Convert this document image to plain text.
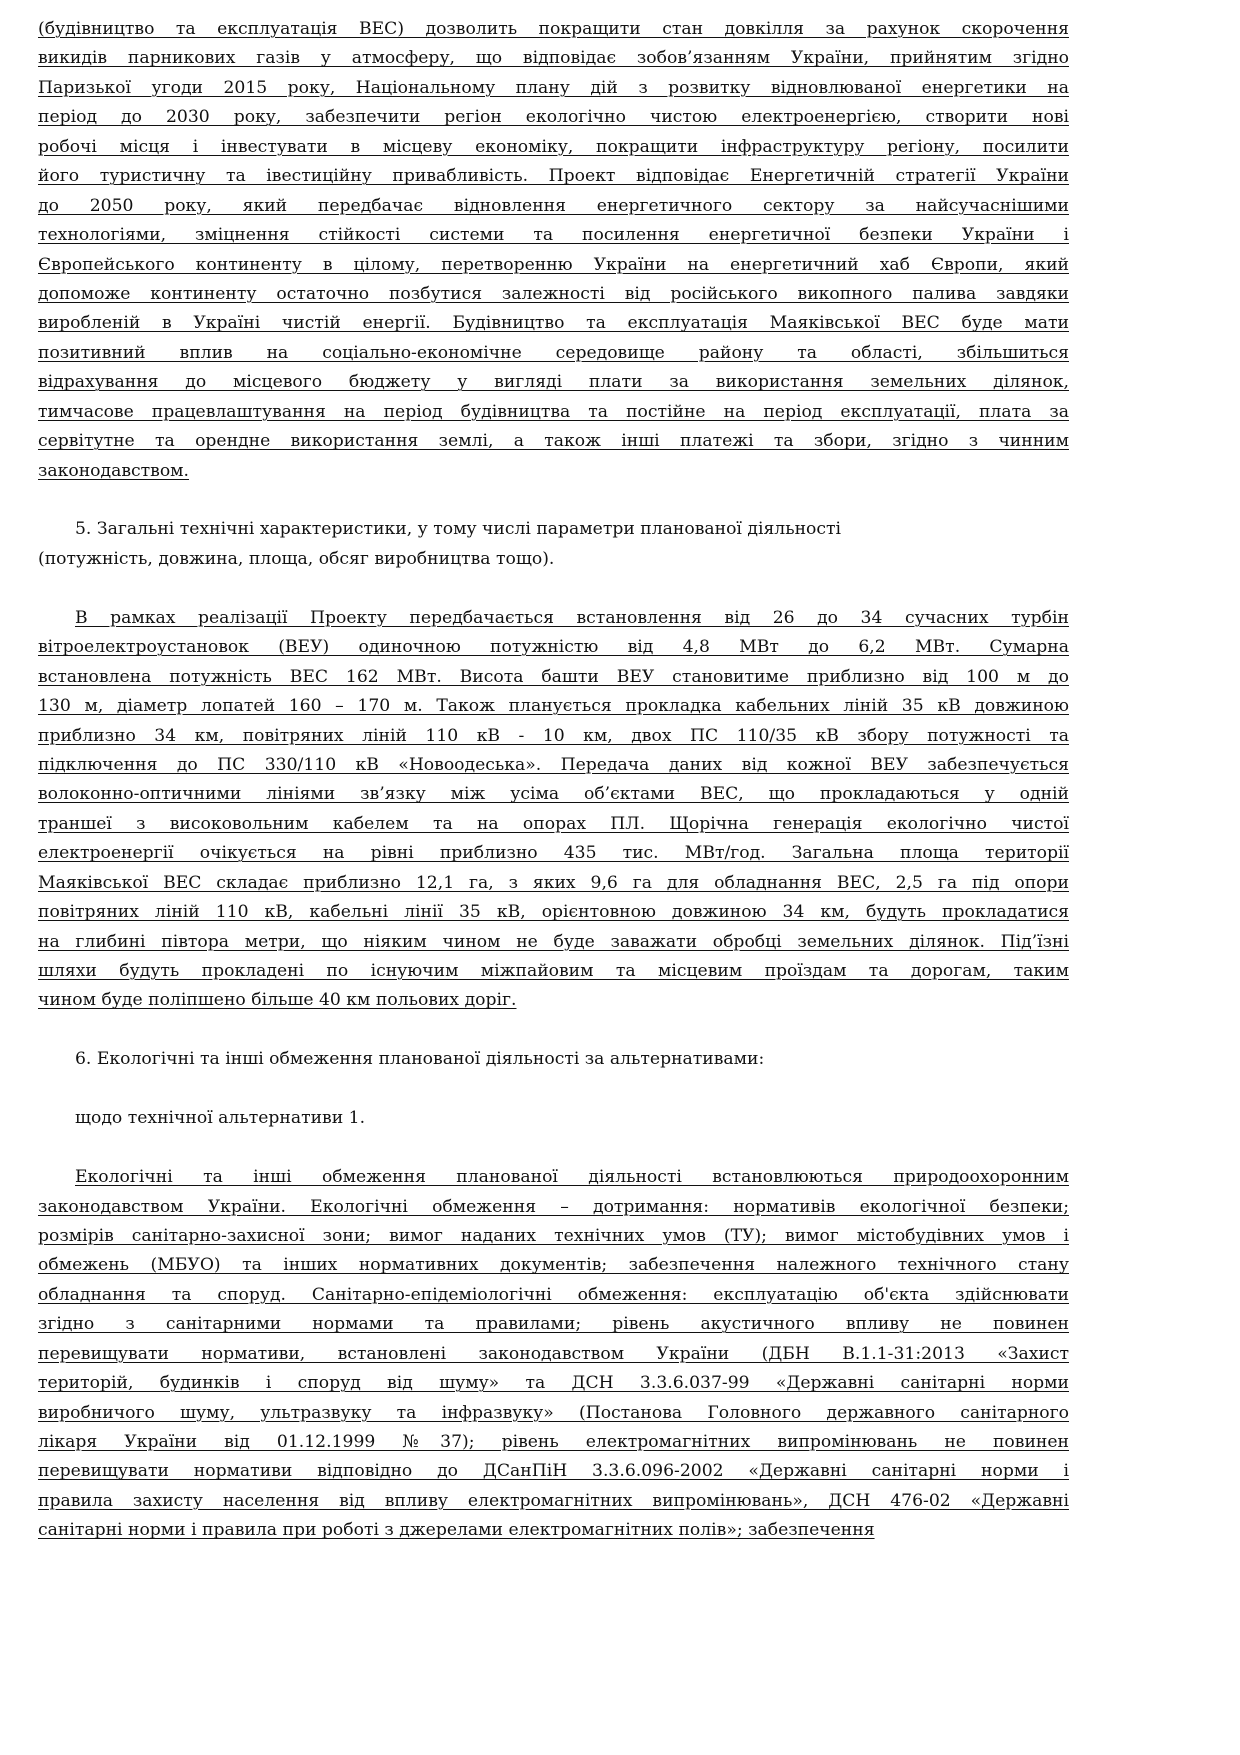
(будівництво та експлуатація ВЕС) дозволить покращити стан довкілля за рахунок скорочення
викидів парникових газів у атмосферу, що відповідає зобов’язанням України, прийнятим згідно
Паризької угоди 2015 року, Національному плану дій з розвитку відновлюваної енергетики на
період до 2030 року, забезпечити регіон екологічно чистою електроенергією, створити нові
робочі місця і інвестувати в місцеву економіку, покращити інфраструктуру регіону, посилити
його туристичну та івестиційну привабливість. Проект відповідає Енергетичній стратегії України
до 2050 року, який передбачає відновлення енергетичного сектору за найсучаснішими
технологіями, зміцнення стійкості системи та посилення енергетичної безпеки України і
Європейського континенту в цілому, перетворенню України на енергетичний хаб Європи, який
допоможе континенту остаточно позбутися залежності від російського викопного палива завдяки
виробленій в Україні чистій енергії. Будівництво та експлуатація Маяківської ВЕС буде мати
позитивний вплив на соціально-економічне середовище району та області, збільшиться
відрахування до місцевого бюджету у вигляді плати за використання земельних ділянок,
тимчасове працевлаштування на період будівництва та постійне на період експлуатації, плата за
сервітутне та орендне використання землі, а також інші платежі та збори, згідно з чинним
законодавством.
5. Загальні технічні характеристики, у тому числі параметри планованої діяльності
(потужність, довжина, площа, обсяг виробництва тощо).
В рамках реалізації Проекту передбачається встановлення від 26 до 34 сучасних турбін
вітроелектроустановок (ВЕУ) одиночною потужністю від 4,8 МВт до 6,2 МВт. Сумарна
встановлена потужність ВЕС 162 МВт. Висота башти ВЕУ становитиме приблизно від 100 м до
130 м, діаметр лопатей 160 – 170 м. Також планується прокладка кабельних ліній 35 кВ довжиною
приблизно 34 км, повітряних ліній 110 кВ - 10 км, двох ПС 110/35 кВ збору потужності та
підключення до ПС 330/110 кВ «Новоодеська». Передача даних від кожної ВЕУ забезпечується
волоконно-оптичними лініями зв’язку між усіма об’єктами ВЕС, що прокладаються у одній
траншеї з високовольним кабелем та на опорах ПЛ. Щорічна генерація екологічно чистої
електроенергії очікується на рівні приблизно 435 тис. МВт/год. Загальна площа території
Маяківської ВЕС складає приблизно 12,1 га, з яких 9,6 га для обладнання ВЕС, 2,5 га під опори
повітряних ліній 110 кВ, кабельні лінії 35 кВ, орієнтовною довжиною 34 км, будуть прокладатися
на глибині півтора метри, що ніяким чином не буде заважати обробці земельних ділянок. Під’їзні
шляхи будуть прокладені по існуючим міжпайовим та місцевим проїздам та дорогам, таким
чином буде поліпшено більше 40 км польових доріг.
6. Екологічні та інші обмеження планованої діяльності за альтернативами:
щодо технічної альтернативи 1.
Екологічні та інші обмеження планованої діяльності встановлюються природоохоронним
законодавством України. Екологічні обмеження – дотримання: нормативів екологічної безпеки;
розмірів санітарно-захисної зони; вимог наданих технічних умов (ТУ); вимог містобудівних умов і
обмежень (МБУО) та інших нормативних документів; забезпечення належного технічного стану
обладнання та споруд. Санітарно-епідеміологічні обмеження: експлуатацію об'єкта здійснювати
згідно з санітарними нормами та правилами; рівень акустичного впливу не повинен
перевищувати нормативи, встановлені законодавством України (ДБН В.1.1-31:2013 «Захист
територій, будинків і споруд від шуму» та ДСН 3.3.6.037-99 «Державні санітарні норми
виробничого шуму, ультразвуку та інфразвуку» (Постанова Головного державного санітарного
лікаря України від 01.12.1999 №37); рівень електромагнітних випромінювань не повинен
перевищувати нормативи відповідно до ДСанПіН 3.3.6.096-2002 «Державні санітарні норми і
правила захисту населення від впливу електромагнітних випромінювань», ДСН 476-02 «Державні
санітарні норми і правила при роботі з джерелами електромагнітних полів»; забезпечення
